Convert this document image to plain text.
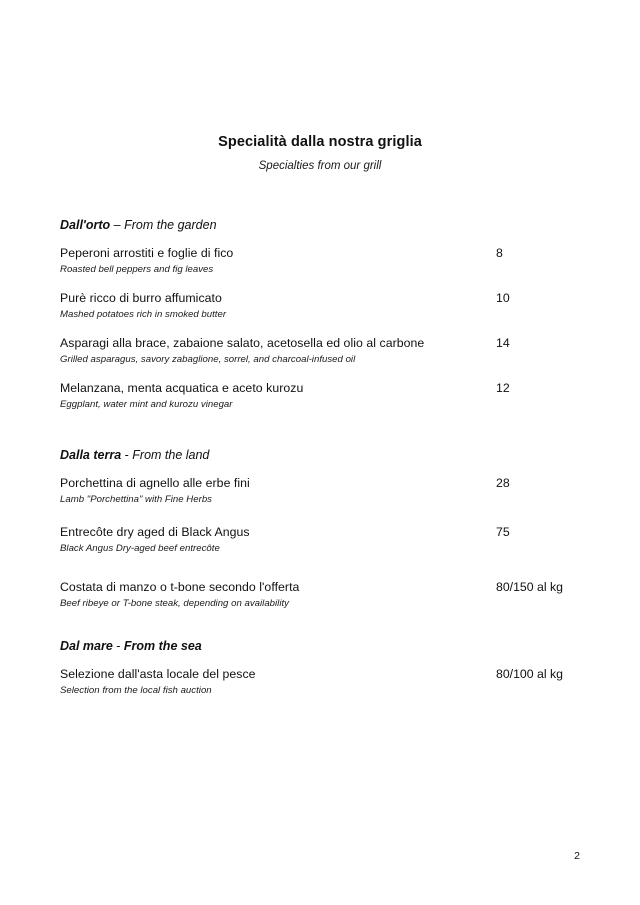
Specialità dalla nostra griglia
Specialties from our grill
Dall'orto – From the garden
Peperoni arrostiti e foglie di fico	8
Roasted bell peppers and fig leaves
Purè ricco di burro affumicato	10
Mashed potatoes rich in smoked butter
Asparagi alla brace, zabaione salato, acetosella ed olio al carbone	14
Grilled asparagus, savory zabaglione, sorrel, and charcoal-infused oil
Melanzana, menta acquatica e aceto kurozu	12
Eggplant, water mint and kurozu vinegar
Dalla terra - From the land
Porchettina di agnello alle erbe fini	28
Lamb "Porchettina" with Fine Herbs
Entrecôte dry aged di Black Angus	75
Black Angus Dry-aged beef entrecôte
Costata di manzo o t-bone secondo l'offerta	80/150 al kg
Beef ribeye or T-bone steak, depending on availability
Dal mare - From the sea
Selezione dall'asta locale del pesce	80/100 al kg
Selection from the local fish auction
2
